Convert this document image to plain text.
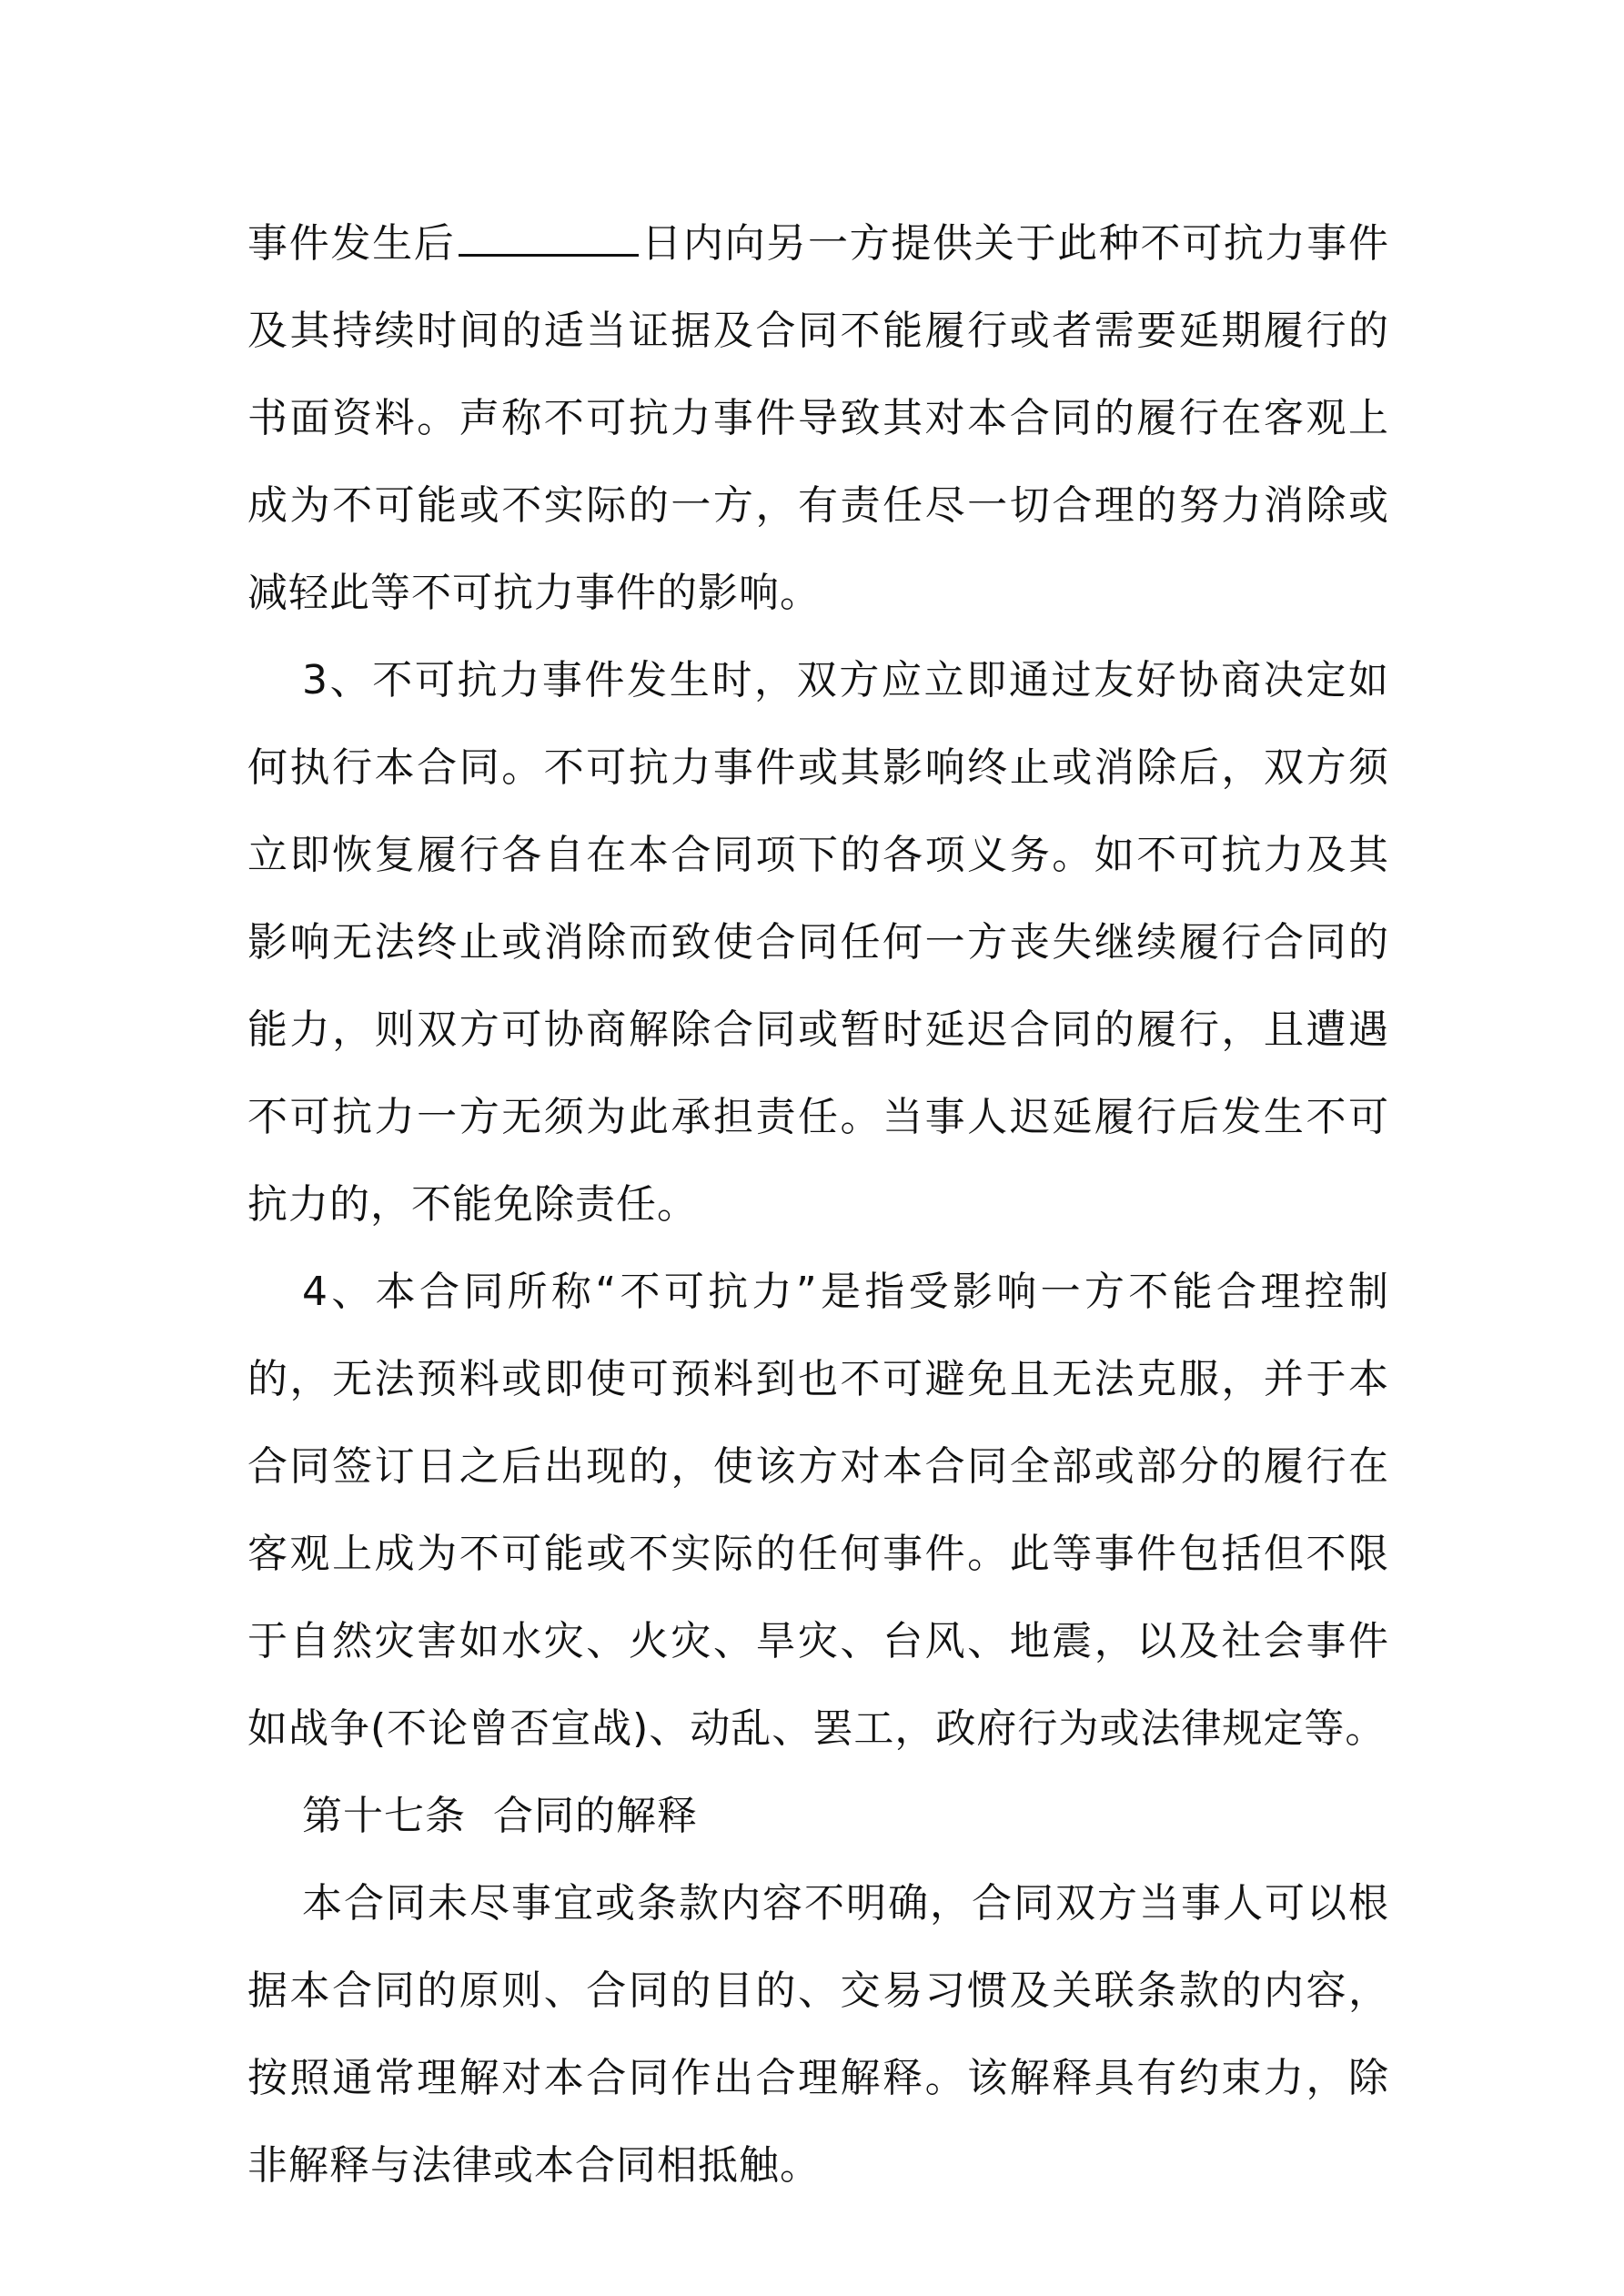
事件发生后	日内向另一方提供关于此种不可抗力事件及其持续时间的适当证据及合同不能履行或者需要延期履行的书面资料。声称不可抗力事件导致其对本合同的履行在客观上成为不可能或不实际的一方，有责任尽一切合理的努力消除或减轻此等不可抗力事件的影响。

3、不可抗力事件发生时，双方应立即通过友好协商决定如何执行本合同。不可抗力事件或其影响终止或消除后，双方须立即恢复履行各自在本合同项下的各项义务。如不可抗力及其影响无法终止或消除而致使合同任何一方丧失继续履行合同的能力，则双方可协商解除合同或暂时延迟合同的履行，且遭遇不可抗力一方无须为此承担责任。当事人迟延履行后发生不可抗力的，不能免除责任。

4、本合同所称“不可抗力”是指受影响一方不能合理控制的，无法预料或即使可预料到也不可避免且无法克服，并于本合同签订日之后出现的，使该方对本合同全部或部分的履行在客观上成为不可能或不实际的任何事件。此等事件包括但不限于自然灾害如水灾、火灾、旱灾、台风、地震，以及社会事件如战争(不论曾否宣战)、动乱、罢工，政府行为或法律规定等。

第十七条  合同的解释

本合同未尽事宜或条款内容不明确，合同双方当事人可以根据本合同的原则、合同的目的、交易习惯及关联条款的内容，按照通常理解对本合同作出合理解释。该解释具有约束力，除非解释与法律或本合同相抵触。
